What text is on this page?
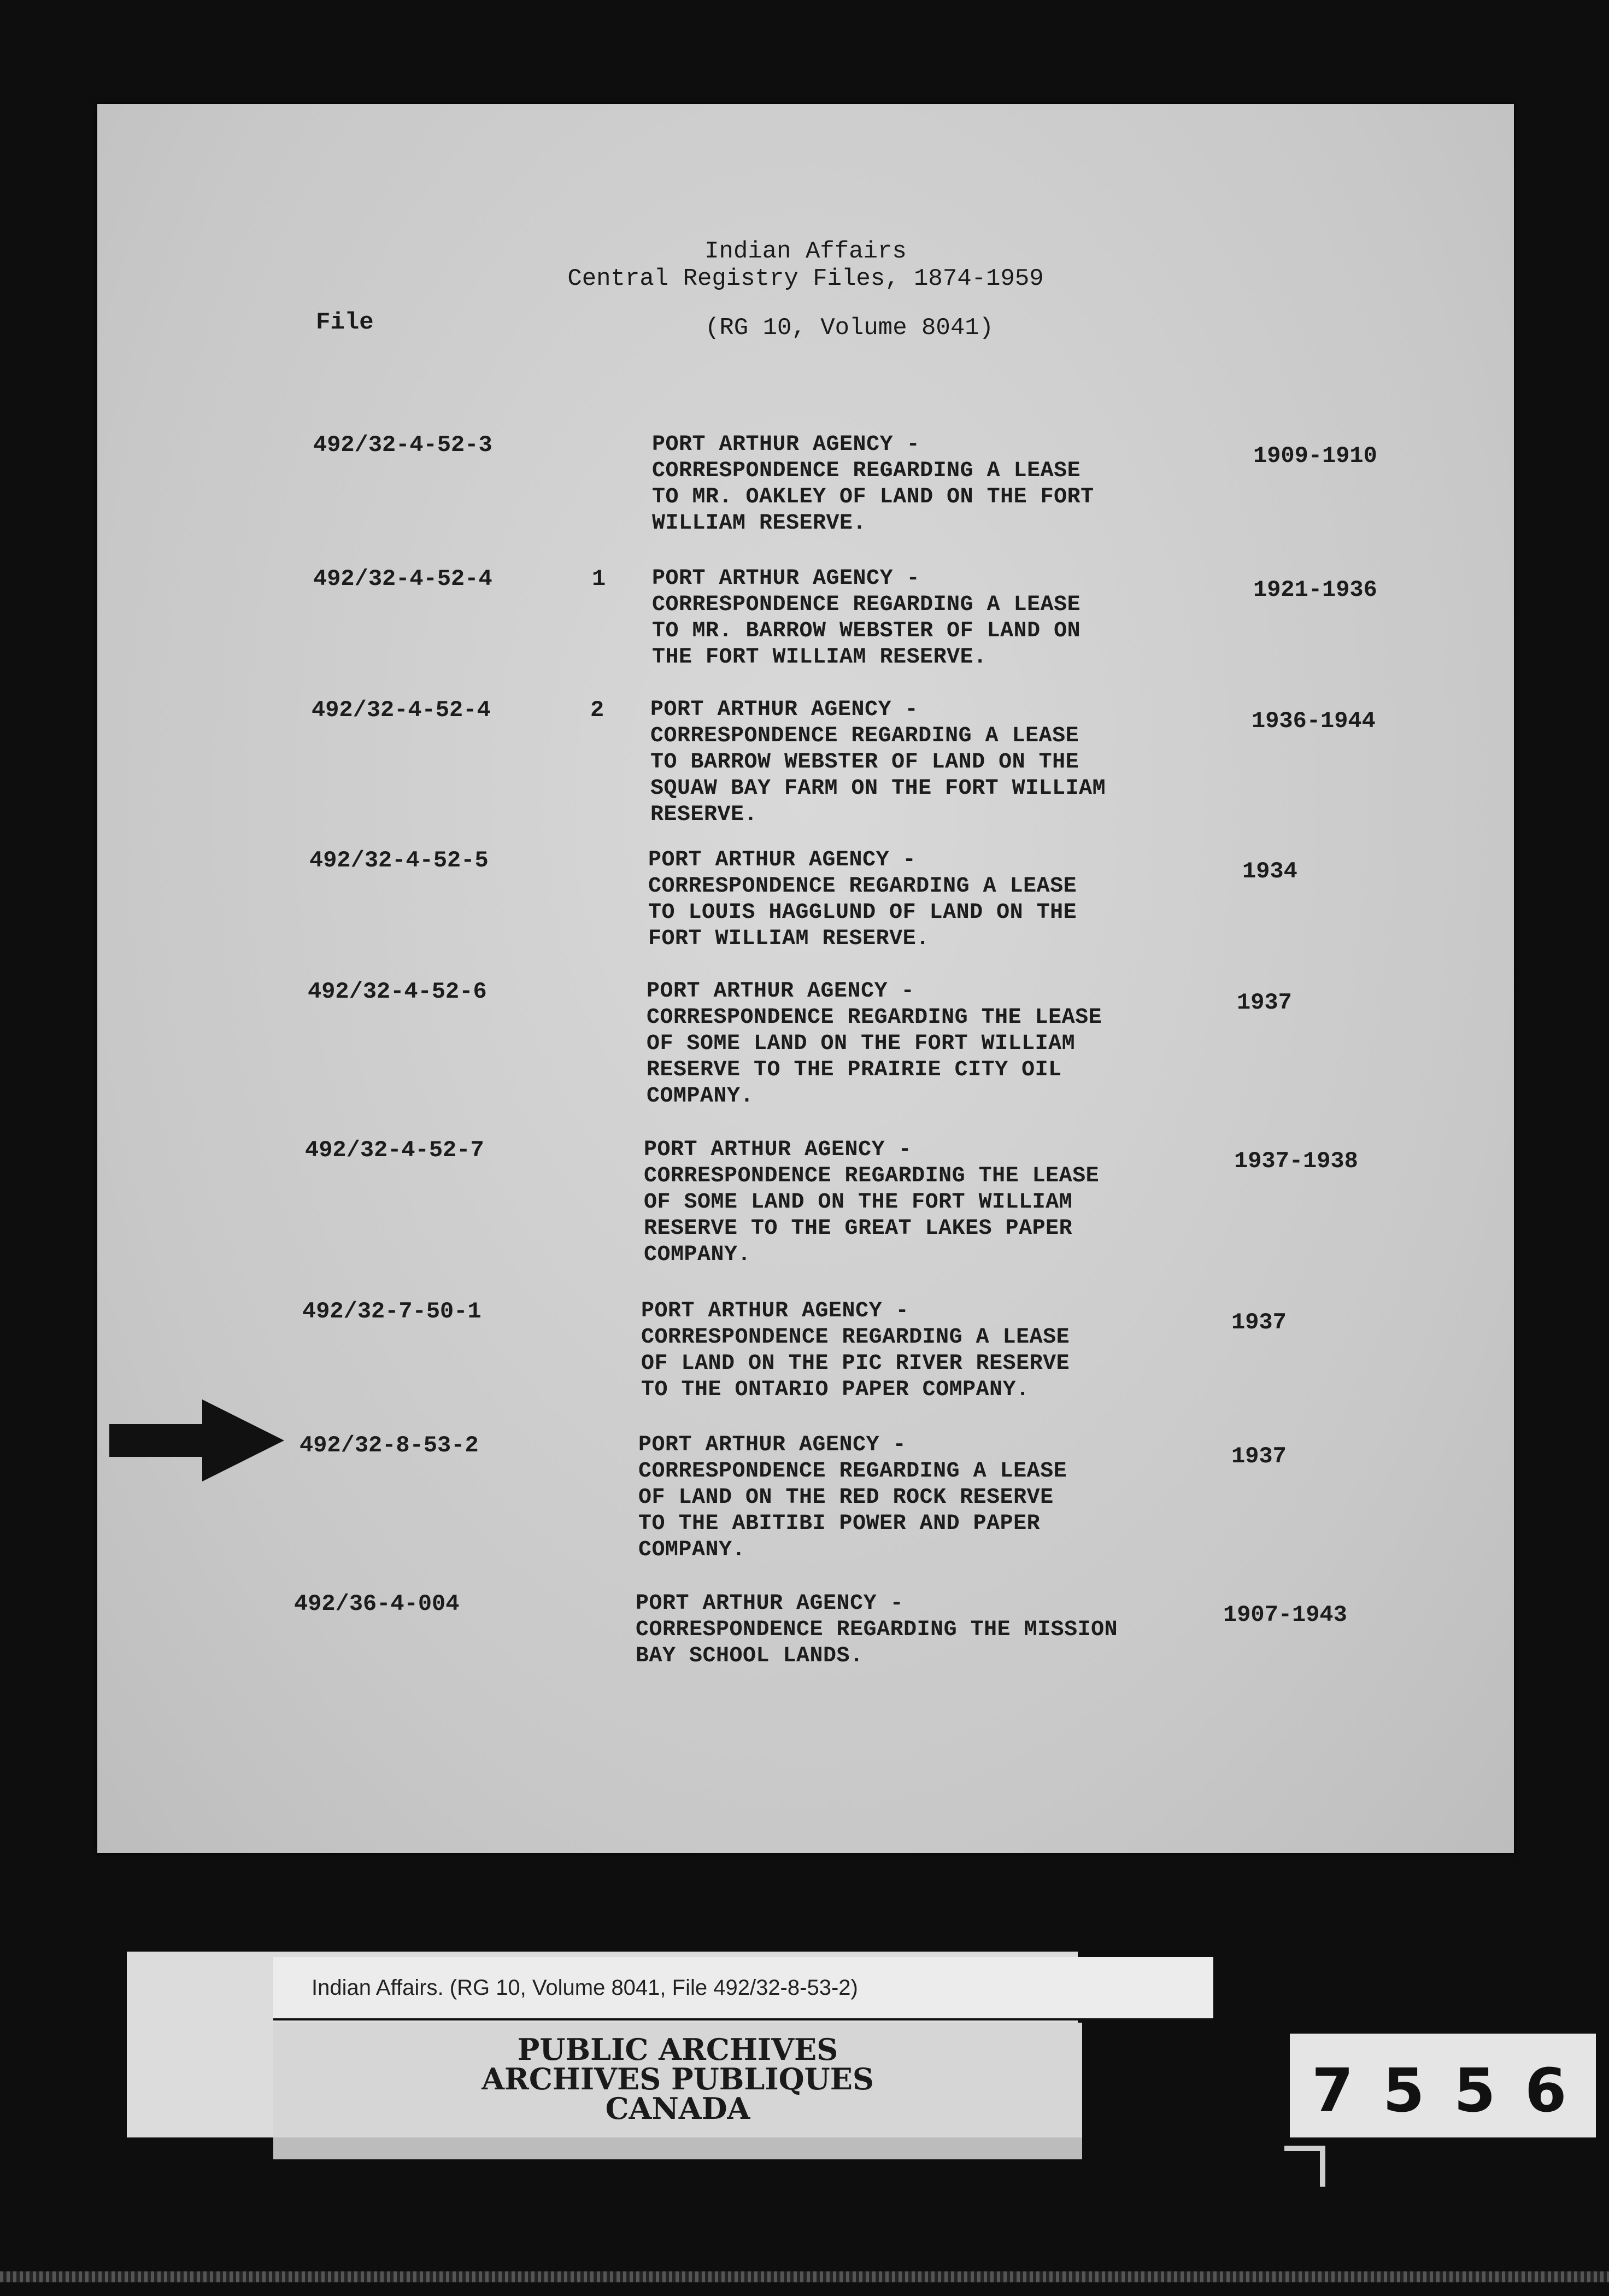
Indian Affairs
Central Registry Files, 1874-1959
File	(RG 10, Volume 8041)
492/32-4-52-3	PORT ARTHUR AGENCY -
CORRESPONDENCE REGARDING A LEASE
TO MR. OAKLEY OF LAND ON THE FORT
WILLIAM RESERVE.
1909-1910
492/32-4-52-4	1 PORT ARTHUR AGENCY -
CORRESPONDENCE REGARDING A LEASE
TO MR. BARROW WEBSTER OF LAND ON
THE FORT WILLIAM RESERVE.
1921-1936
492/32-4-52-4	2 PORT ARTHUR AGENCY -
CORRESPONDENCE REGARDING A LEASE
TO BARROW WEBSTER OF LAND ON THE
SQUAW BAY FARM ON THE FORT WILLIAM
RESERVE.
1936-1944
492/32-4-52-5	PORT ARTHUR AGENCY -
CORRESPONDENCE REGARDING A LEASE
TO LOUIS HAGGLUND OF LAND ON THE
FORT WILLIAM RESERVE.
1934
492/32-4-52-6	PORT ARTHUR AGENCY -
CORRESPONDENCE REGARDING THE LEASE
OF SOME LAND ON THE FORT WILLIAM
RESERVE TO THE PRAIRIE CITY OIL
COMPANY.
1937
492/32-4-52-7	PORT ARTHUR AGENCY -
CORRESPONDENCE REGARDING THE LEASE
OF SOME LAND ON THE FORT WILLIAM
RESERVE TO THE GREAT LAKES PAPER
COMPANY.
1937-1938
492/32-7-50-1	PORT ARTHUR AGENCY -
CORRESPONDENCE REGARDING A LEASE
OF LAND ON THE PIC RIVER RESERVE
TO THE ONTARIO PAPER COMPANY.
1937
492/32-8-53-2	PORT ARTHUR AGENCY -
CORRESPONDENCE REGARDING A LEASE
OF LAND ON THE RED ROCK RESERVE
TO THE ABITIBI POWER AND PAPER
COMPANY.
1937
492/36-4-004	PORT ARTHUR AGENCY -
CORRESPONDENCE REGARDING THE MISSION
BAY SCHOOL LANDS.
1907-1943
Indian Affairs. (RG 10, Volume 8041, File 492/32-8-53-2)
PUBLIC ARCHIVES
ARCHIVES PUBLIQUES
CANADA	7 5 5 6
